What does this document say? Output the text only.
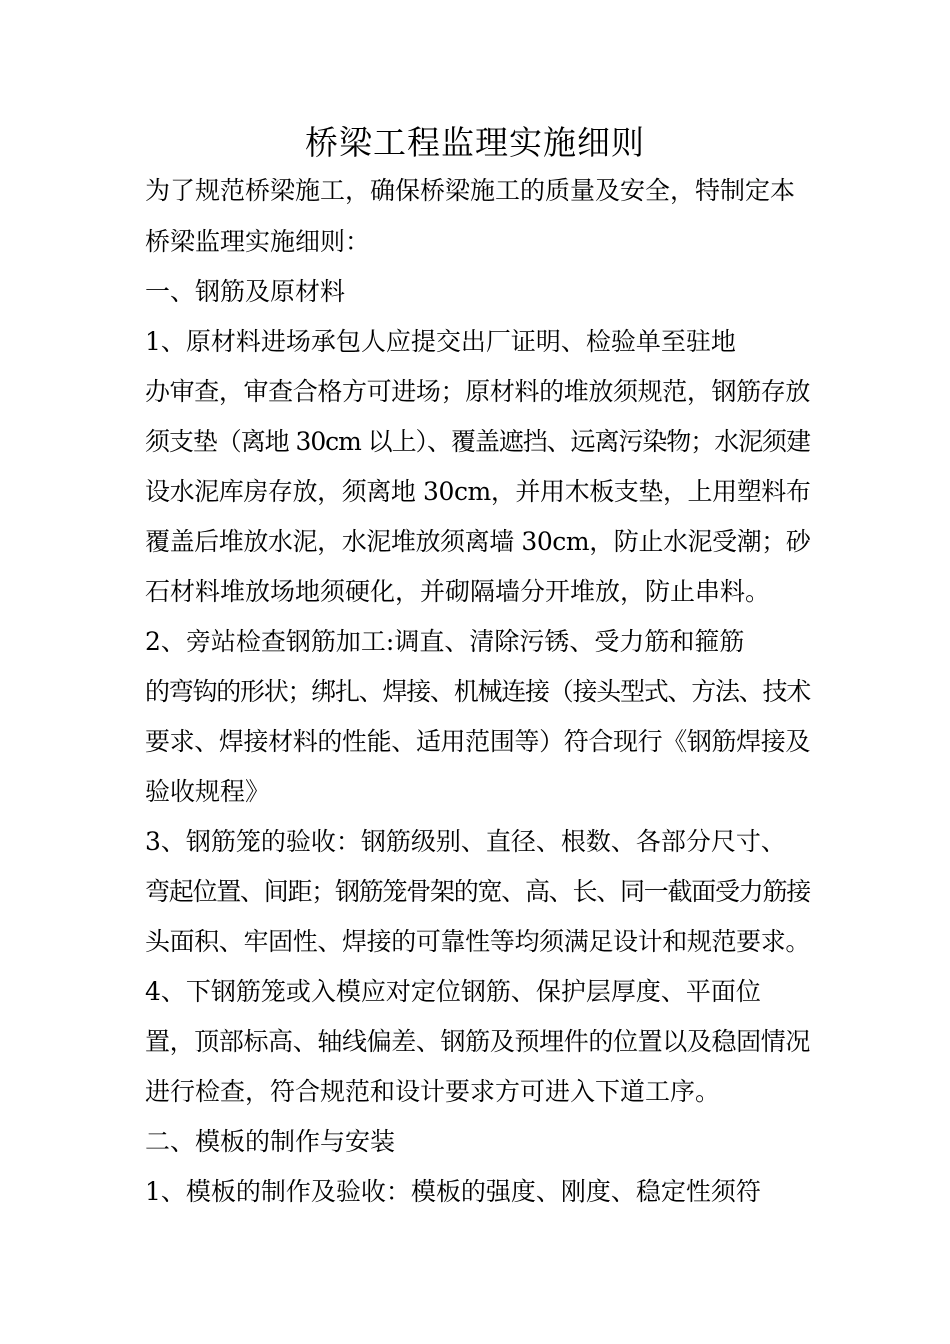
桥梁工程监理实施细则
为了规范桥梁施工，确保桥梁施工的质量及安全，特制定本
桥梁监理实施细则：
一、钢筋及原材料
1、原材料进场承包人应提交出厂证明、检验单至驻地
办审查，审查合格方可进场；原材料的堆放须规范，钢筋存放
须支垫（离地 30cm 以上）、覆盖遮挡、远离污染物；水泥须建
设水泥库房存放，须离地 30cm，并用木板支垫，上用塑料布
覆盖后堆放水泥，水泥堆放须离墙 30cm，防止水泥受潮；砂
石材料堆放场地须硬化，并砌隔墙分开堆放，防止串料。
2、旁站检查钢筋加工:调直、清除污锈、受力筋和箍筋
的弯钩的形状；绑扎、焊接、机械连接（接头型式、方法、技术
要求、焊接材料的性能、适用范围等）符合现行《钢筋焊接及
验收规程》
3、钢筋笼的验收：钢筋级别、直径、根数、各部分尺寸、
弯起位置、间距；钢筋笼骨架的宽、高、长、同一截面受力筋接
头面积、牢固性、焊接的可靠性等均须满足设计和规范要求。
4、下钢筋笼或入模应对定位钢筋、保护层厚度、平面位
置，顶部标高、轴线偏差、钢筋及预埋件的位置以及稳固情况
进行检查，符合规范和设计要求方可进入下道工序。
二、模板的制作与安装
1、模板的制作及验收：模板的强度、刚度、稳定性须符
